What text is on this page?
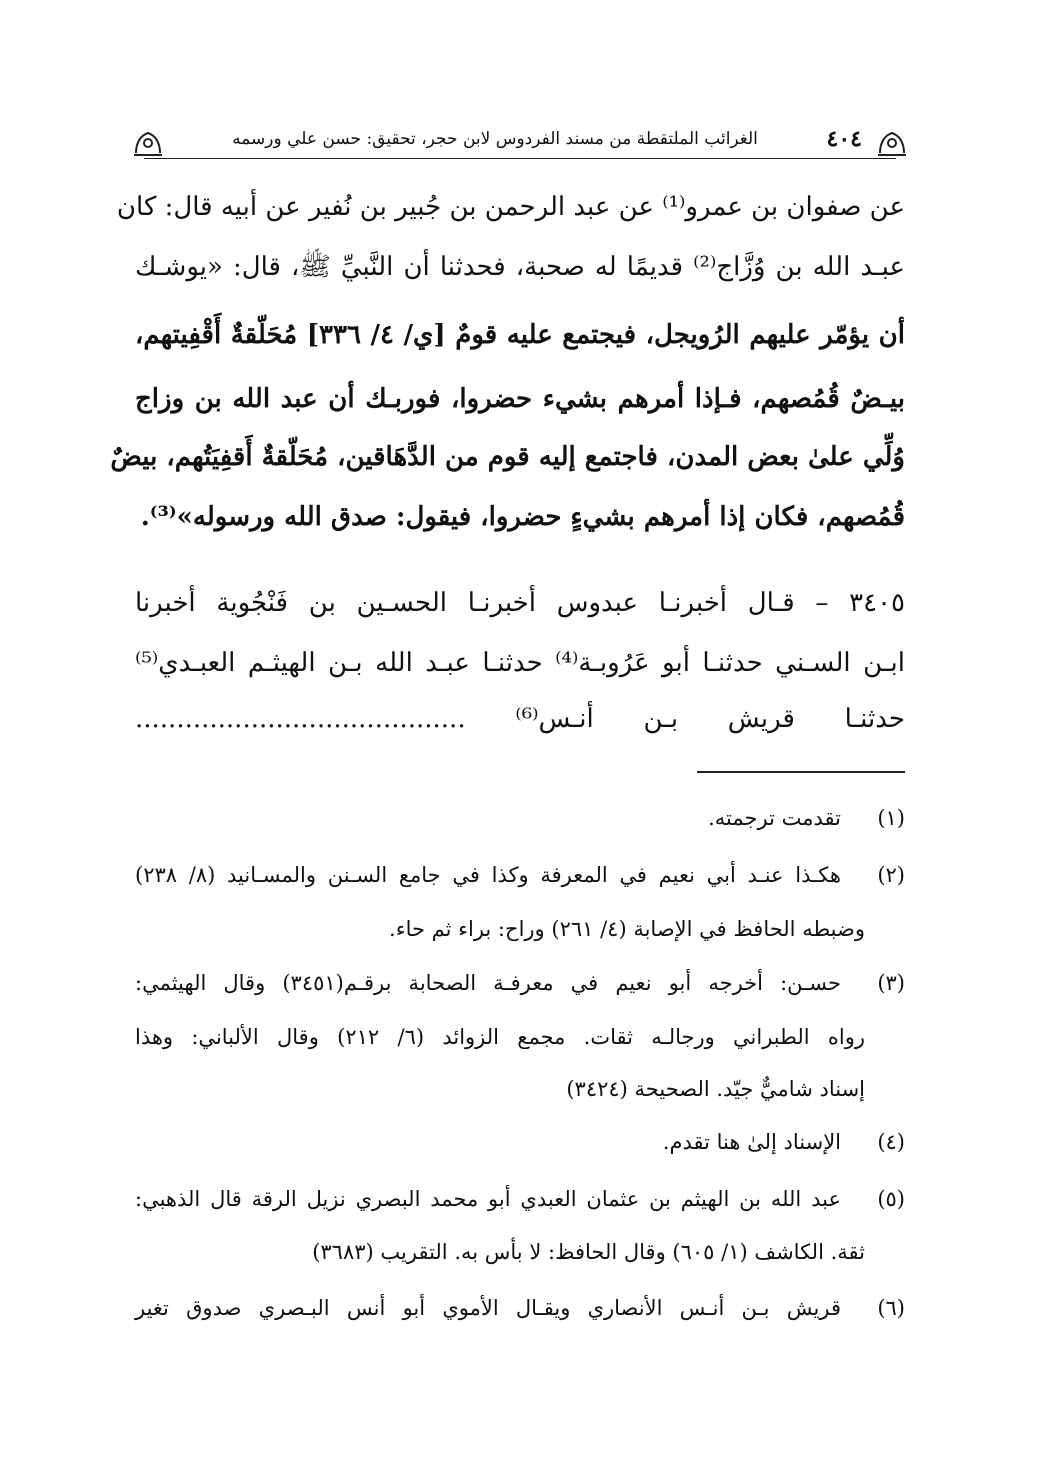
٤٠٤
الغرائب الملتقطة من مسند الفردوس لابن حجر، تحقيق: حسن علي ورسمه
عن صفوان بن عمرو⁽¹⁾ عن عبد الرحمن بن جُبير بن نُفير عن أبيه قال: كان
عبـد الله بن وُزَّاج⁽²⁾ قديمًا له صحبة، فحدثنا أن النَّبيِّ ﷺ، قال: «يوشـك
أن يؤمّر عليهم الرُويجل، فيجتمع عليه قومٌ [ي/ ٤/ ٣٣٦] مُحَلّقةٌ أَقْفِيتهم،
بيـضٌ قُمُصهم، فـإذا أمرهم بشيء حضروا، فوربـك أن عبد الله بن وزاج
وُلِّي علىٰ بعض المدن، فاجتمع إليه قوم من الدَّهَاقين، مُحَلّقةٌ أَقفِيَتُهم، بيضٌ
قُمُصهم، فكان إذا أمرهم بشيءٍ حضروا، فيقول: صدق الله ورسوله»⁽³⁾.
٣٤٠٥ – قـال أخبرنـا عبدوس أخبرنـا الحسـين بن فَنْجُوية أخبرنا
ابـن السـني حدثنـا أبو عَرُوبـة⁽⁴⁾ حدثنـا عبـد الله بـن الهيثـم العبـدي⁽⁵⁾
حدثنـا قريش بـن أنـس⁽⁶⁾ ........................................
(١)
تقدمت ترجمته.
(٢)
هكـذا عنـد أبي نعيم في المعرفة وكذا في جامع السـنن والمسـانيد (٨/ ٢٣٨)
وضبطه الحافظ في الإصابة (٤/ ٢٦١) وراح: براء ثم حاء.
(٣)
حسـن: أخرجه أبو نعيم في معرفـة الصحابة برقـم(٣٤٥١) وقال الهيثمي:
رواه الطبراني ورجالـه ثقات. مجمع الزوائد (٦/ ٢١٢) وقال الألباني: وهذا
إسناد شاميٌّ جيّد. الصحيحة (٣٤٢٤)
(٤)
الإسناد إلىٰ هنا تقدم.
(٥)
عبد الله بن الهيثم بن عثمان العبدي أبو محمد البصري نزيل الرقة قال الذهبي:
ثقة. الكاشف (١/ ٦٠٥) وقال الحافظ: لا بأس به. التقريب (٣٦٨٣)
(٦)
قريش بـن أنـس الأنصاري ويقـال الأموي أبو أنس البـصري صدوق تغير
